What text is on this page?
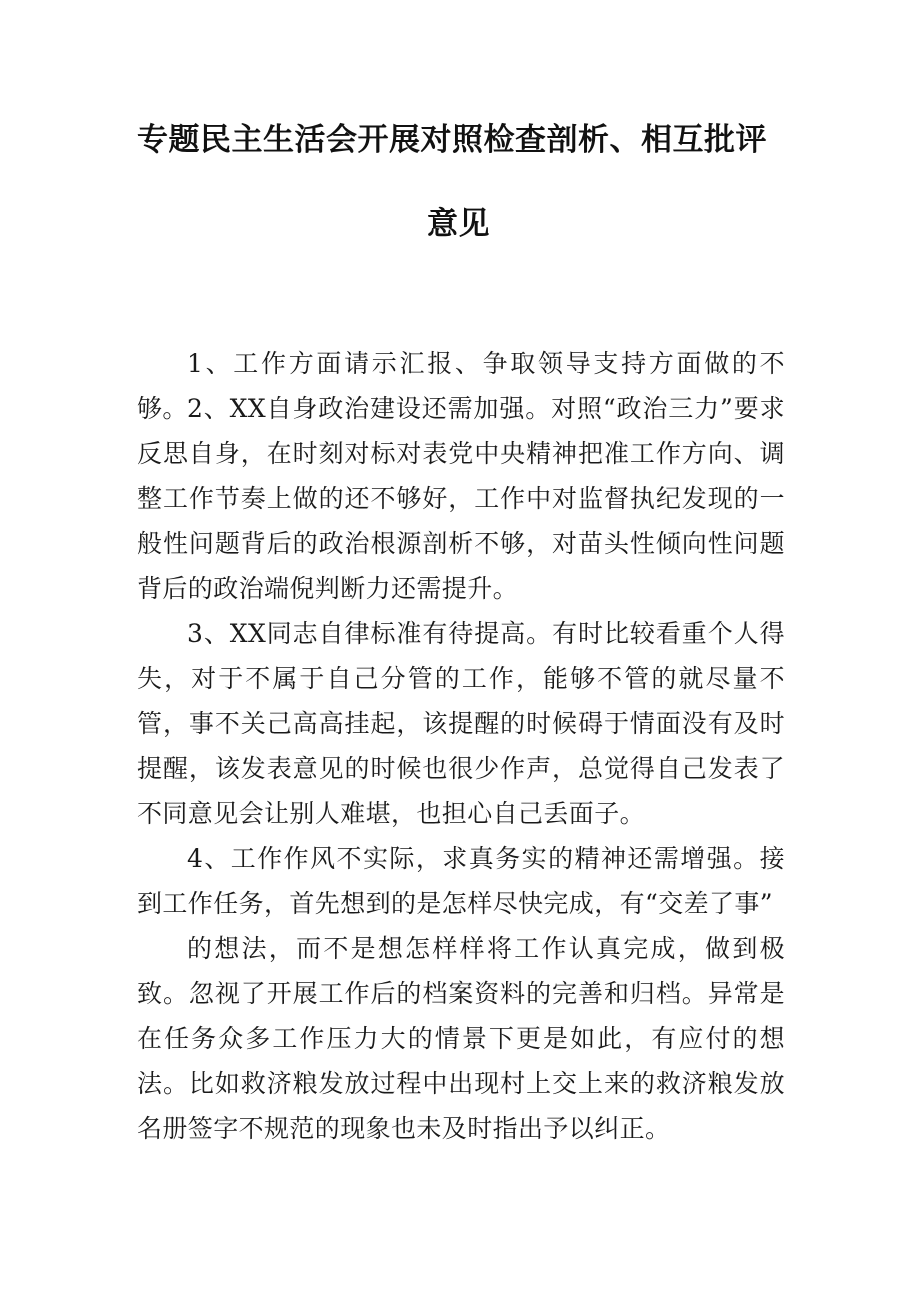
专题民主生活会开展对照检查剖析、相互批评
意见

1、工作方面请示汇报、争取领导支持方面做的不够。 2、XX自身政治建设还需加强。对照“政治三力”要求反思自身，在时刻对标对表党中央精神把准工作方向、调整工作节奏上做的还不够好，工作中对监督执纪发现的一般性问题背后的政治根源剖析不够，对苗头性倾向性问题背后的政治端倪判断力还需提升。

3、XX同志自律标准有待提高。有时比较看重个人得失，对于不属于自己分管的工作，能够不管的就尽量不管，事不关己高高挂起，该提醒的时候碍于情面没有及时提醒，该发表意见的时候也很少作声，总觉得自己发表了不同意见会让别人难堪，也担心自己丢面子。

4、工作作风不实际，求真务实的精神还需增强。接到工作任务，首先想到的是怎样尽快完成，有“交差了事”

的想法，而不是想怎样样将工作认真完成，做到极致。忽视了开展工作后的档案资料的完善和归档。异常是在任务众多工作压力大的情景下更是如此，有应付的想法。比如救济粮发放过程中出现村上交上来的救济粮发放名册签字不规范的现象也未及时指出予以纠正。
